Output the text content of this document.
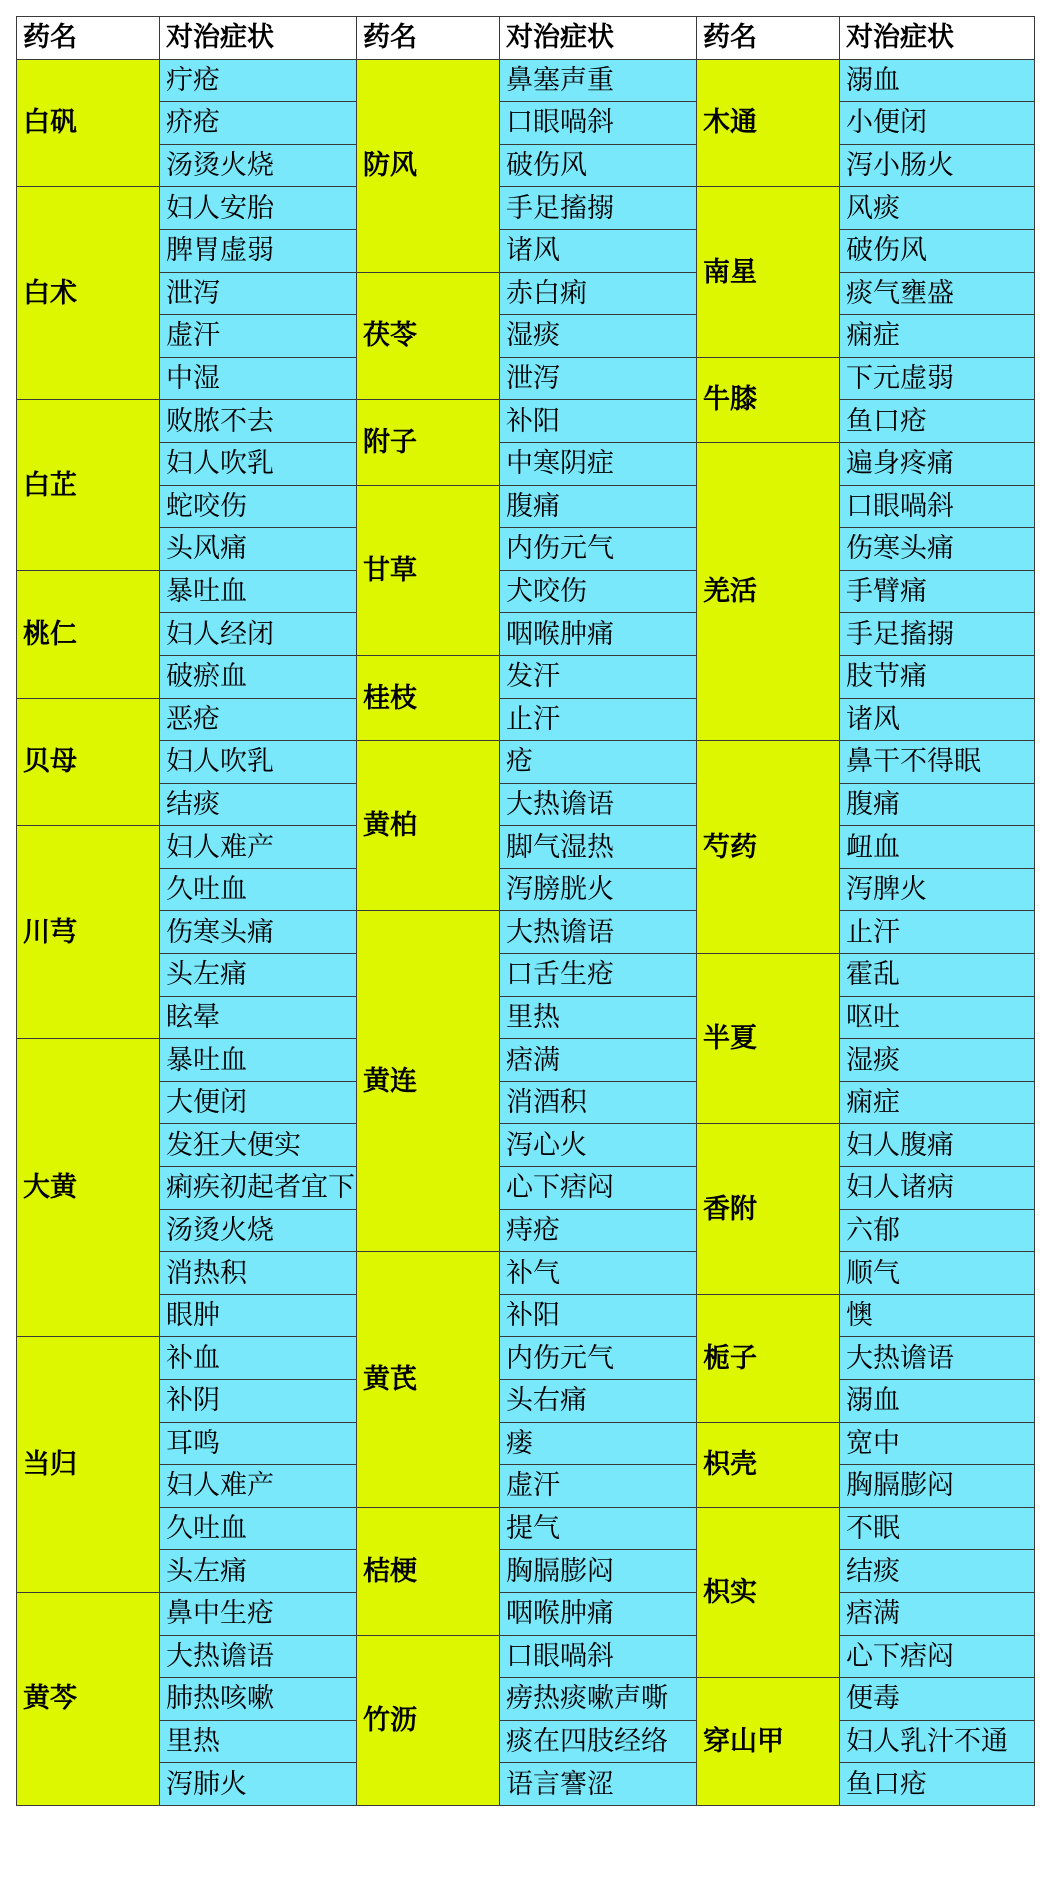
药名	对治症状	药名	对治症状	药名	对治症状
白矾	疔疮	防风	鼻塞声重	木通	溺血
	疥疮		口眼喎斜		小便闭
	汤烫火烧		破伤风		泻小肠火
白术	妇人安胎		手足搐搦	南星	风痰
	脾胃虚弱		诸风		破伤风
	泄泻	茯苓	赤白痢		痰气壅盛
	虚汗		湿痰		痫症
	中湿		泄泻	牛膝	下元虚弱
白芷	败脓不去	附子	补阳		鱼口疮
	妇人吹乳		中寒阴症	羌活	遍身疼痛
	蛇咬伤	甘草	腹痛		口眼喎斜
	头风痛		内伤元气		伤寒头痛
桃仁	暴吐血		犬咬伤		手臂痛
	妇人经闭		咽喉肿痛		手足搐搦
	破瘀血	桂枝	发汗		肢节痛
贝母	恶疮		止汗		诸风
	妇人吹乳	黄柏	疮	芍药	鼻干不得眠
	结痰		大热谵语		腹痛
川芎	妇人难产		脚气湿热		衄血
	久吐血		泻膀胱火		泻脾火
	伤寒头痛	黄连	大热谵语		止汗
	头左痛		口舌生疮	半夏	霍乱
	眩晕		里热		呕吐
大黄	暴吐血		痞满		湿痰
	大便闭		消酒积		痫症
	发狂大便实		泻心火	香附	妇人腹痛
	痢疾初起者宜下		心下痞闷		妇人诸病
	汤烫火烧		痔疮		六郁
	消热积	黄芪	补气		顺气
	眼肿		补阳	栀子	懊
当归	补血		内伤元气		大热谵语
	补阴		头右痛		溺血
	耳鸣		瘘	枳壳	宽中
	妇人难产		虚汗		胸膈膨闷
	久吐血	桔梗	提气	枳实	不眠
	头左痛		胸膈膨闷		结痰
黄芩	鼻中生疮		咽喉肿痛		痞满
	大热谵语	竹沥	口眼喎斜		心下痞闷
	肺热咳嗽		痨热痰嗽声嘶	穿山甲	便毒
	里热		痰在四肢经络		妇人乳汁不通
	泻肺火		语言謇涩		鱼口疮
